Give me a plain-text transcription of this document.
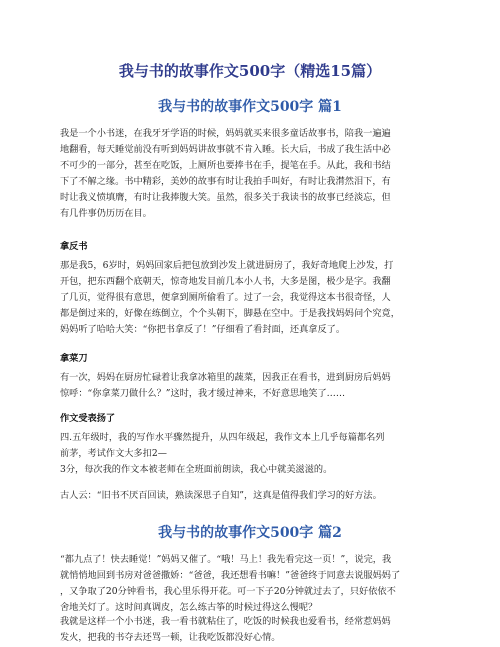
我与书的故事作文500字（精选15篇）
我与书的故事作文500字 篇1

我是一个小书迷，在我牙牙学语的时候，妈妈就买来很多童话故事书，陪我一遍遍
地翻看，每天睡觉前没有听到妈妈讲故事就不肯入睡。长大后，书成了我生活中必
不可少的一部分，甚至在吃饭，上厕所也要捧书在手，提笔在手。从此，我和书结
下了不解之缘。书中精彩，美妙的故事有时让我拍手叫好，有时让我潸然泪下，有
时让我义愤填膺，有时让我捧腹大笑。虽然，很多关于我读书的故事已经淡忘，但
有几件事仍历历在目。

拿反书

那是我5，6岁时，妈妈回家后把包放到沙发上就进厨房了，我好奇地爬上沙发，打
开包，把东西翻个底朝天，惊奇地发目前几本小人书，大多是图，极少是字。我翻
了几页，觉得很有意思，便拿到厕所偷看了。过了一会，我觉得这本书很奇怪，人
都是倒过来的，好像在练倒立，个个头朝下，脚悬在空中。于是我找妈妈问个究竟，
妈妈听了哈哈大笑：“你把书拿反了！”仔细看了看封面，还真拿反了。

拿菜刀

有一次，妈妈在厨房忙碌着让我拿冰箱里的蔬菜，因我正在看书，进到厨房后妈妈
惊呼：“你拿菜刀做什么？”这时，我才缓过神来，不好意思地笑了……

作文受表扬了

四.五年级时，我的写作水平骤然提升，从四年级起，我作文本上几乎每篇都名列
前茅，考试作文大多扣2—
3分，每次我的作文本被老师在全班面前朗读，我心中就美滋滋的。

古人云：“旧书不厌百回读，熟读深思子自知”，这真是值得我们学习的好方法。

我与书的故事作文500字 篇2

“都九点了！快去睡觉！”妈妈又催了。“哦！马上！我先看完这一页！”，说完，我
就悄悄地回到书房对爸爸撒娇：“爸爸，我还想看书嘛！”爸爸终于同意去说服妈妈了
，又争取了20分钟看书，我心里乐得开花。可一下子20分钟就过去了，只好依依不
舍地关灯了。这时间真调皮，怎么练古筝的时候过得这么慢呢？

我就是这样一个小书迷，我一看书就粘住了，吃饭的时候我也爱看书，经常惹妈妈
发火，把我的书夺去还骂一顿，让我吃饭都没好心情。
